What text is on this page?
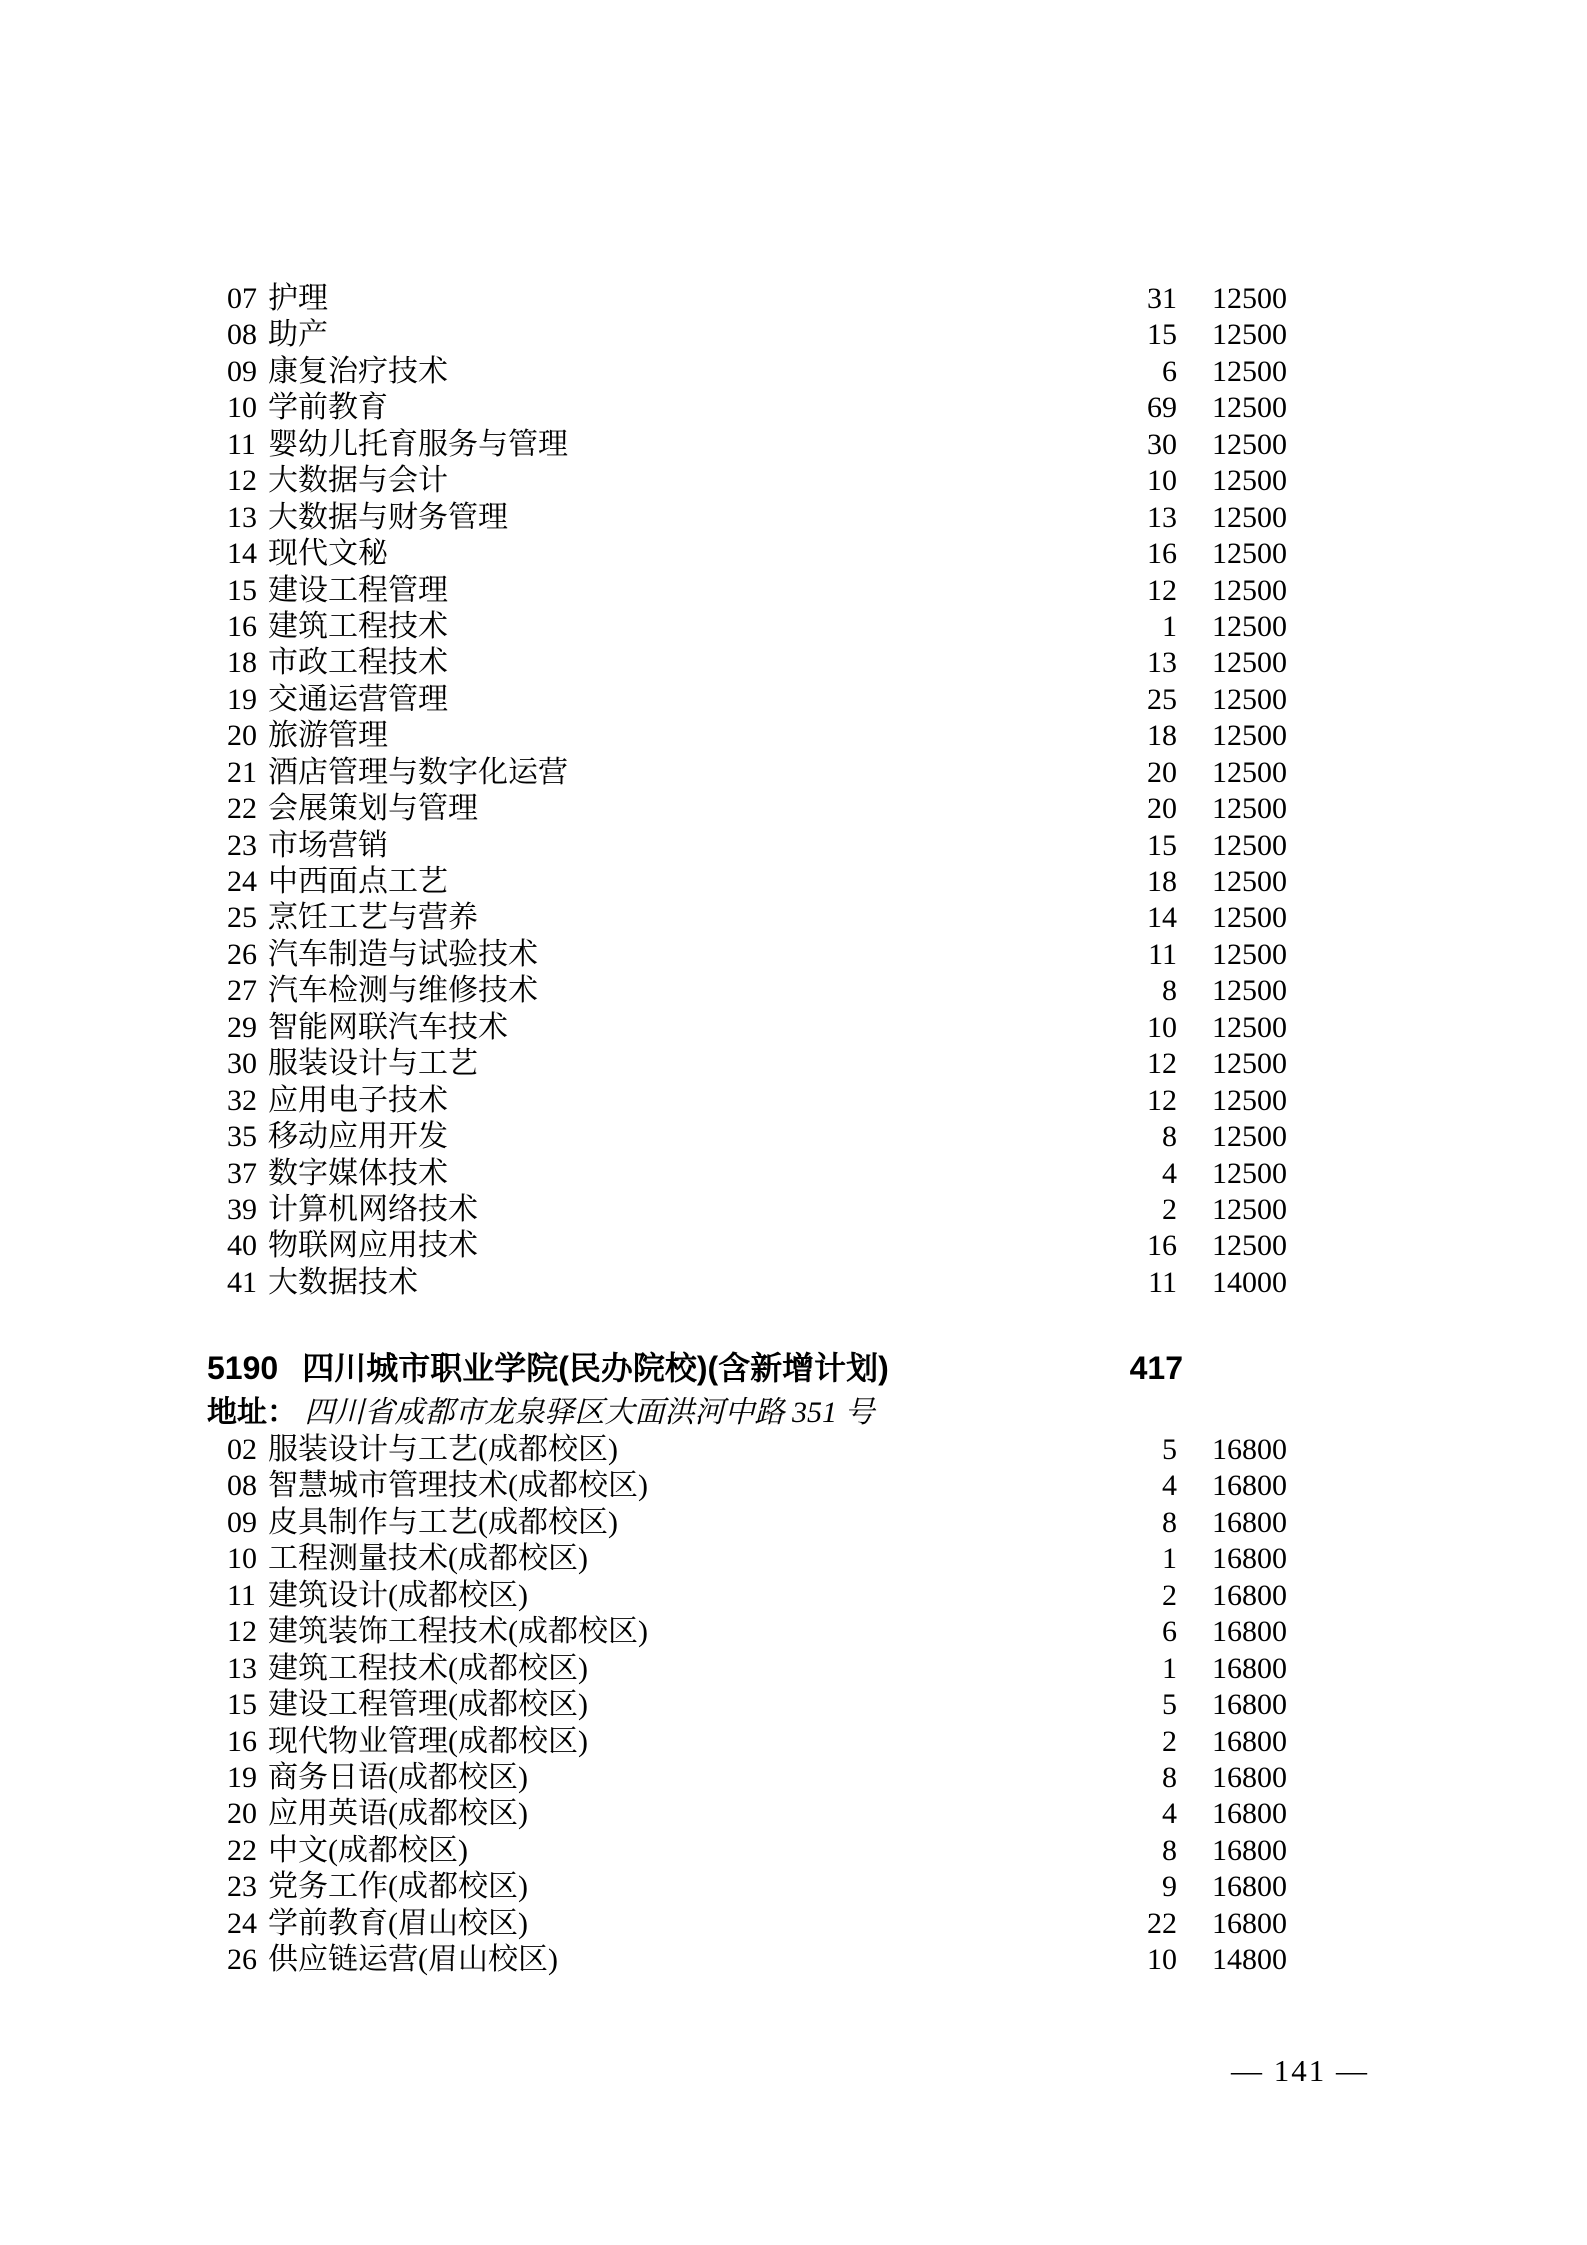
07 护理	31	12500
08 助产	15	12500
09 康复治疗技术	6	12500
10 学前教育	69	12500
11 婴幼儿托育服务与管理	30	12500
12 大数据与会计	10	12500
13 大数据与财务管理	13	12500
14 现代文秘	16	12500
15 建设工程管理	12	12500
16 建筑工程技术	1	12500
18 市政工程技术	13	12500
19 交通运营管理	25	12500
20 旅游管理	18	12500
21 酒店管理与数字化运营	20	12500
22 会展策划与管理	20	12500
23 市场营销	15	12500
24 中西面点工艺	18	12500
25 烹饪工艺与营养	14	12500
26 汽车制造与试验技术	11	12500
27 汽车检测与维修技术	8	12500
29 智能网联汽车技术	10	12500
30 服装设计与工艺	12	12500
32 应用电子技术	12	12500
35 移动应用开发	8	12500
37 数字媒体技术	4	12500
39 计算机网络技术	2	12500
40 物联网应用技术	16	12500
41 大数据技术	11	14000
5190 四川城市职业学院(民办院校)(含新增计划)	417
地址： 四川省成都市龙泉驿区大面洪河中路 351 号
02 服装设计与工艺(成都校区)	5	16800
08 智慧城市管理技术(成都校区)	4	16800
09 皮具制作与工艺(成都校区)	8	16800
10 工程测量技术(成都校区)	1	16800
11 建筑设计(成都校区)	2	16800
12 建筑装饰工程技术(成都校区)	6	16800
13 建筑工程技术(成都校区)	1	16800
15 建设工程管理(成都校区)	5	16800
16 现代物业管理(成都校区)	2	16800
19 商务日语(成都校区)	8	16800
20 应用英语(成都校区)	4	16800
22 中文(成都校区)	8	16800
23 党务工作(成都校区)	9	16800
24 学前教育(眉山校区)	22	16800
26 供应链运营(眉山校区)	10	14800
— 141 —
